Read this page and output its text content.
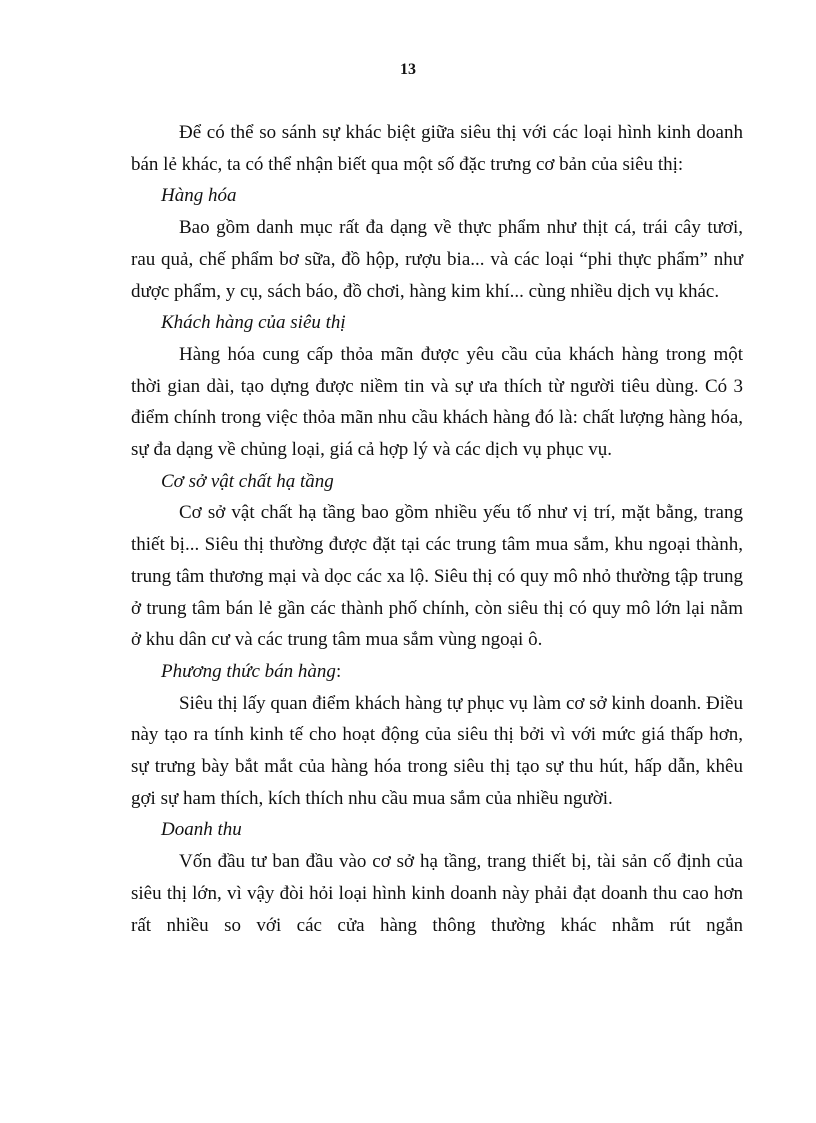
13

Để có thể so sánh sự khác biệt giữa siêu thị với các loại hình kinh doanh bán lẻ khác, ta có thể nhận biết qua một số đặc trưng cơ bản của siêu thị:

Hàng hóa

Bao gồm danh mục rất đa dạng về thực phẩm như thịt cá, trái cây tươi, rau quả, chế phẩm bơ sữa, đồ hộp, rượu bia... và các loại “phi thực phẩm” như dược phẩm, y cụ, sách báo, đồ chơi, hàng kim khí... cùng nhiều dịch vụ khác.

Khách hàng của siêu thị

Hàng hóa cung cấp thỏa mãn được yêu cầu của khách hàng trong một thời gian dài, tạo dựng được niềm tin và sự ưa thích từ người tiêu dùng. Có 3 điểm chính trong việc thỏa mãn nhu cầu khách hàng đó là: chất lượng hàng hóa, sự đa dạng về chủng loại, giá cả hợp lý và các dịch vụ phục vụ.

Cơ sở vật chất hạ tầng

Cơ sở vật chất hạ tầng bao gồm nhiều yếu tố như vị trí, mặt bằng, trang thiết bị... Siêu thị thường được đặt tại các trung tâm mua sắm, khu ngoại thành, trung tâm thương mại và dọc các xa lộ. Siêu thị có quy mô nhỏ thường tập trung ở trung tâm bán lẻ gần các thành phố chính, còn siêu thị có quy mô lớn lại nằm ở khu dân cư và các trung tâm mua sắm vùng ngoại ô.

Phương thức bán hàng:

Siêu thị lấy quan điểm khách hàng tự phục vụ làm cơ sở kinh doanh. Điều này tạo ra tính kinh tế cho hoạt động của siêu thị bởi vì với mức giá thấp hơn, sự trưng bày bắt mắt của hàng hóa trong siêu thị tạo sự thu hút, hấp dẫn, khêu gợi sự ham thích, kích thích nhu cầu mua sắm của nhiều người.

Doanh thu

Vốn đầu tư ban đầu vào cơ sở hạ tầng, trang thiết bị, tài sản cố định của siêu thị lớn, vì vậy đòi hỏi loại hình kinh doanh này phải đạt doanh thu cao hơn rất nhiều so với các cửa hàng thông thường khác nhằm rút ngắn
